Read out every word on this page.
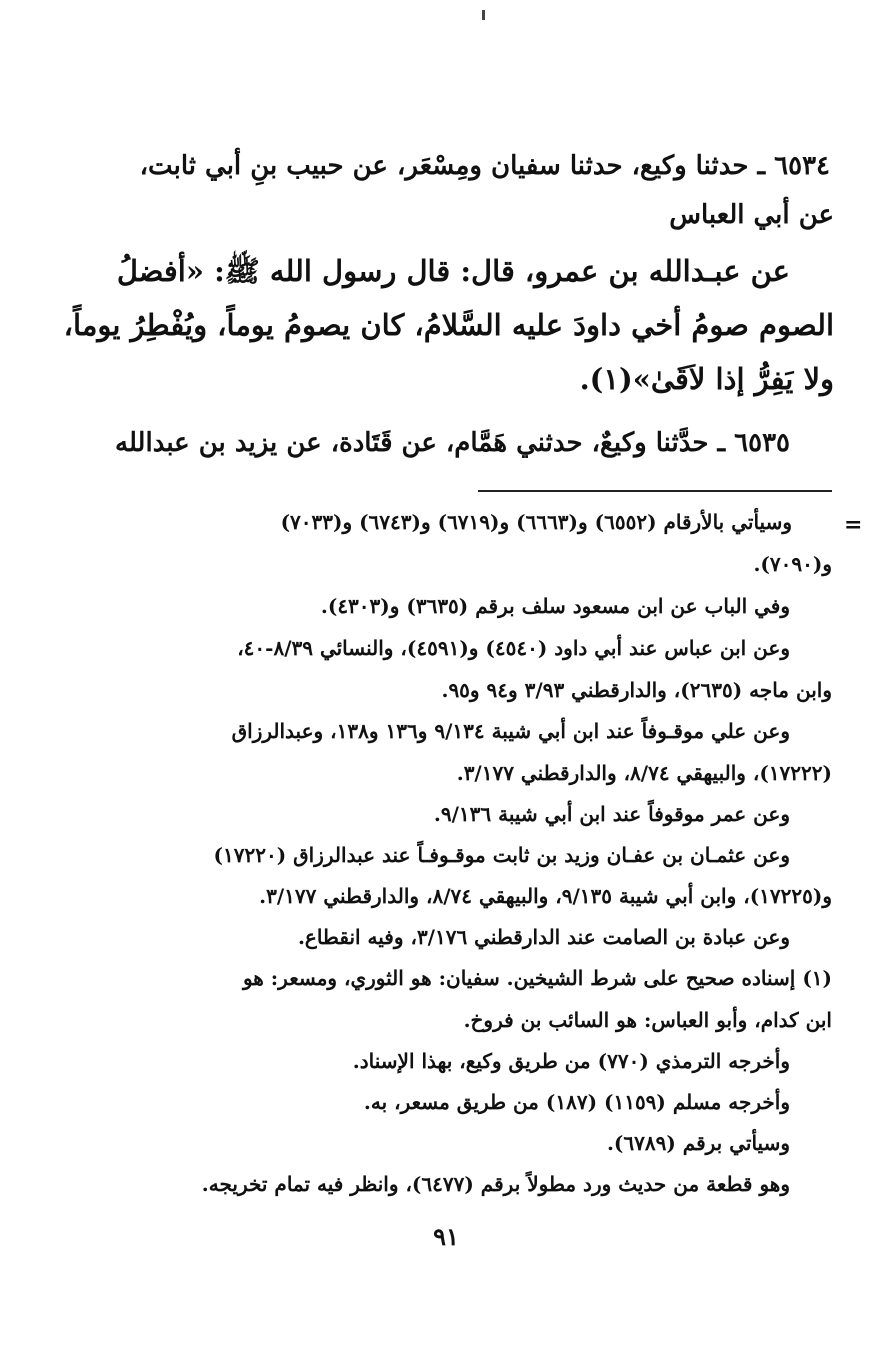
٦٥٣٤ ـ حدثنا وكيع، حدثنا سفيان ومِسْعَر، عن حبيب بنِ أبي ثابت،
عن أبي العباس
عن عبـدالله بن عمرو، قال: قال رسول الله ﷺ: «أفضلُ
الصوم صومُ أخي داودَ عليه السَّلامُ، كان يصومُ يوماً، ويُفْطِرُ يوماً،
ولا يَفِرُّ إذا لاَقَىٰ»(١).
٦٥٣٥ ـ حدَّثنا وكيعٌ، حدثني هَمَّام، عن قَتَادة، عن يزيد بن عبدالله
=
وسيأتي بالأرقام (٦٥٥٢) و(٦٦٦٣) و(٦٧١٩) و(٦٧٤٣) و(٧٠٣٣)
و(٧٠٩٠).
وفي الباب عن ابن مسعود سلف برقم (٣٦٣٥) و(٤٣٠٣).
وعن ابن عباس عند أبي داود (٤٥٤٠) و(٤٥٩١)، والنسائي ٨/٣٩-٤٠،
وابن ماجه (٢٦٣٥)، والدارقطني ٣/٩٣ و٩٤ و٩٥.
وعن علي موقـوفاً عند ابن أبي شيبة ٩/١٣٤ و١٣٦ و١٣٨، وعبدالرزاق
(١٧٢٢٢)، والبيهقي ٨/٧٤، والدارقطني ٣/١٧٧.
وعن عمر موقوفاً عند ابن أبي شيبة ٩/١٣٦.
وعن عثمـان بن عفـان وزيد بن ثابت موقـوفـاً عند عبدالرزاق (١٧٢٢٠)
و(١٧٢٢٥)، وابن أبي شيبة ٩/١٣٥، والبيهقي ٨/٧٤، والدارقطني ٣/١٧٧.
وعن عبادة بن الصامت عند الدارقطني ٣/١٧٦، وفيه انقطاع.
(١) إسناده صحيح على شرط الشيخين. سفيان: هو الثوري، ومسعر: هو
ابن كدام، وأبو العباس: هو السائب بن فروخ.
وأخرجه الترمذي (٧٧٠) من طريق وكيع، بهذا الإسناد.
وأخرجه مسلم (١١٥٩) (١٨٧) من طريق مسعر، به.
وسيأتي برقم (٦٧٨٩).
وهو قطعة من حديث ورد مطولاً برقم (٦٤٧٧)، وانظر فيه تمام تخريجه.
٩١
